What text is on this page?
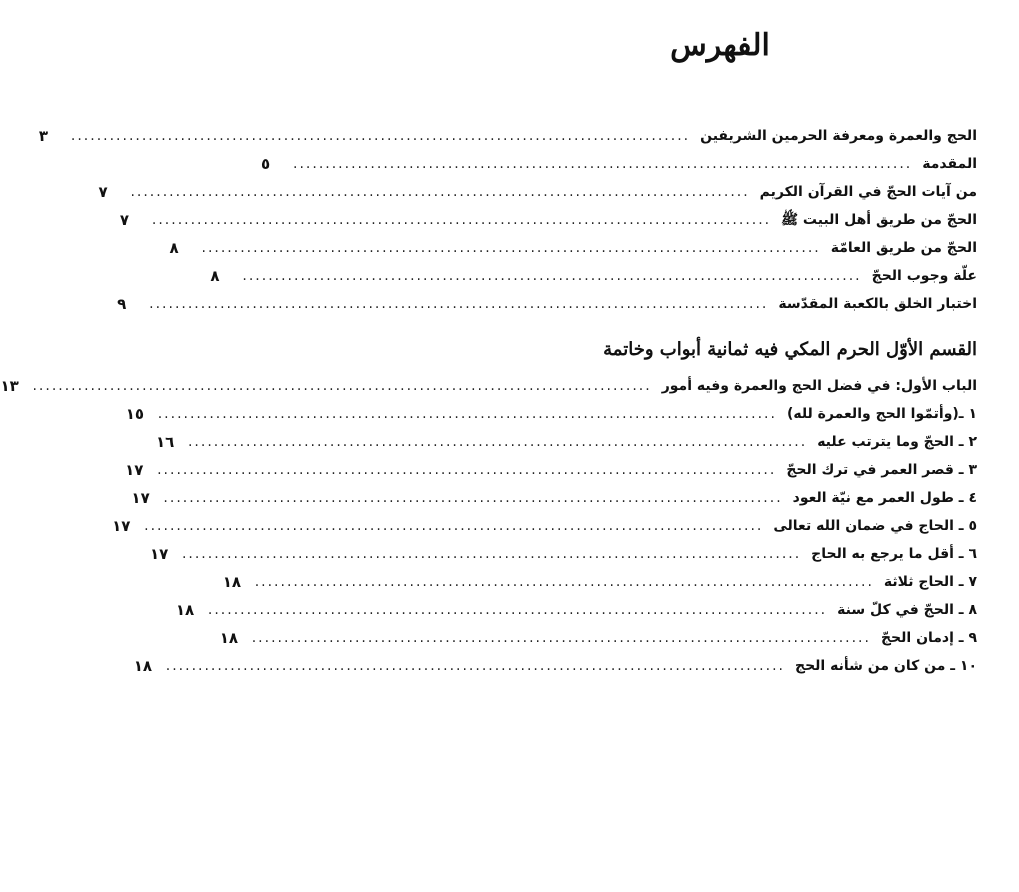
الفهرس
الحج والعمرة ومعرفة الحرمين الشريفين
................................................................................................
٣
المقدمة
................................................................................................
٥
من آيات الحجّ في القرآن الكريم
................................................................................................
٧
الحجّ من طريق أهل البيت ﷺ
................................................................................................
٧
الحجّ من طريق العامّة
................................................................................................
٨
علّة وجوب الحجّ
................................................................................................
٨
اختبار الخلق بالكعبة المقدّسة
................................................................................................
٩
القسم الأوّل الحرم المكي فيه ثمانية أبواب وخاتمة
الباب الأول: في فضل الحج والعمرة وفيه أمور
................................................................................................
١٣
١ ـ(وأتمّوا الحج والعمرة لله)
................................................................................................
١٥
٢ ـ الحجّ وما يترتب عليه
................................................................................................
١٦
٣ ـ قصر العمر في ترك الحجّ
................................................................................................
١٧
٤ ـ طول العمر مع نيّة العود
................................................................................................
١٧
٥ ـ الحاج في ضمان الله تعالى
................................................................................................
١٧
٦ ـ أقل ما يرجع به الحاج
................................................................................................
١٧
٧ ـ الحاج ثلاثة
................................................................................................
١٨
٨ ـ الحجّ في كلّ سنة
................................................................................................
١٨
٩ ـ إدمان الحجّ
................................................................................................
١٨
١٠ ـ من كان من شأنه الحج
................................................................................................
١٨
